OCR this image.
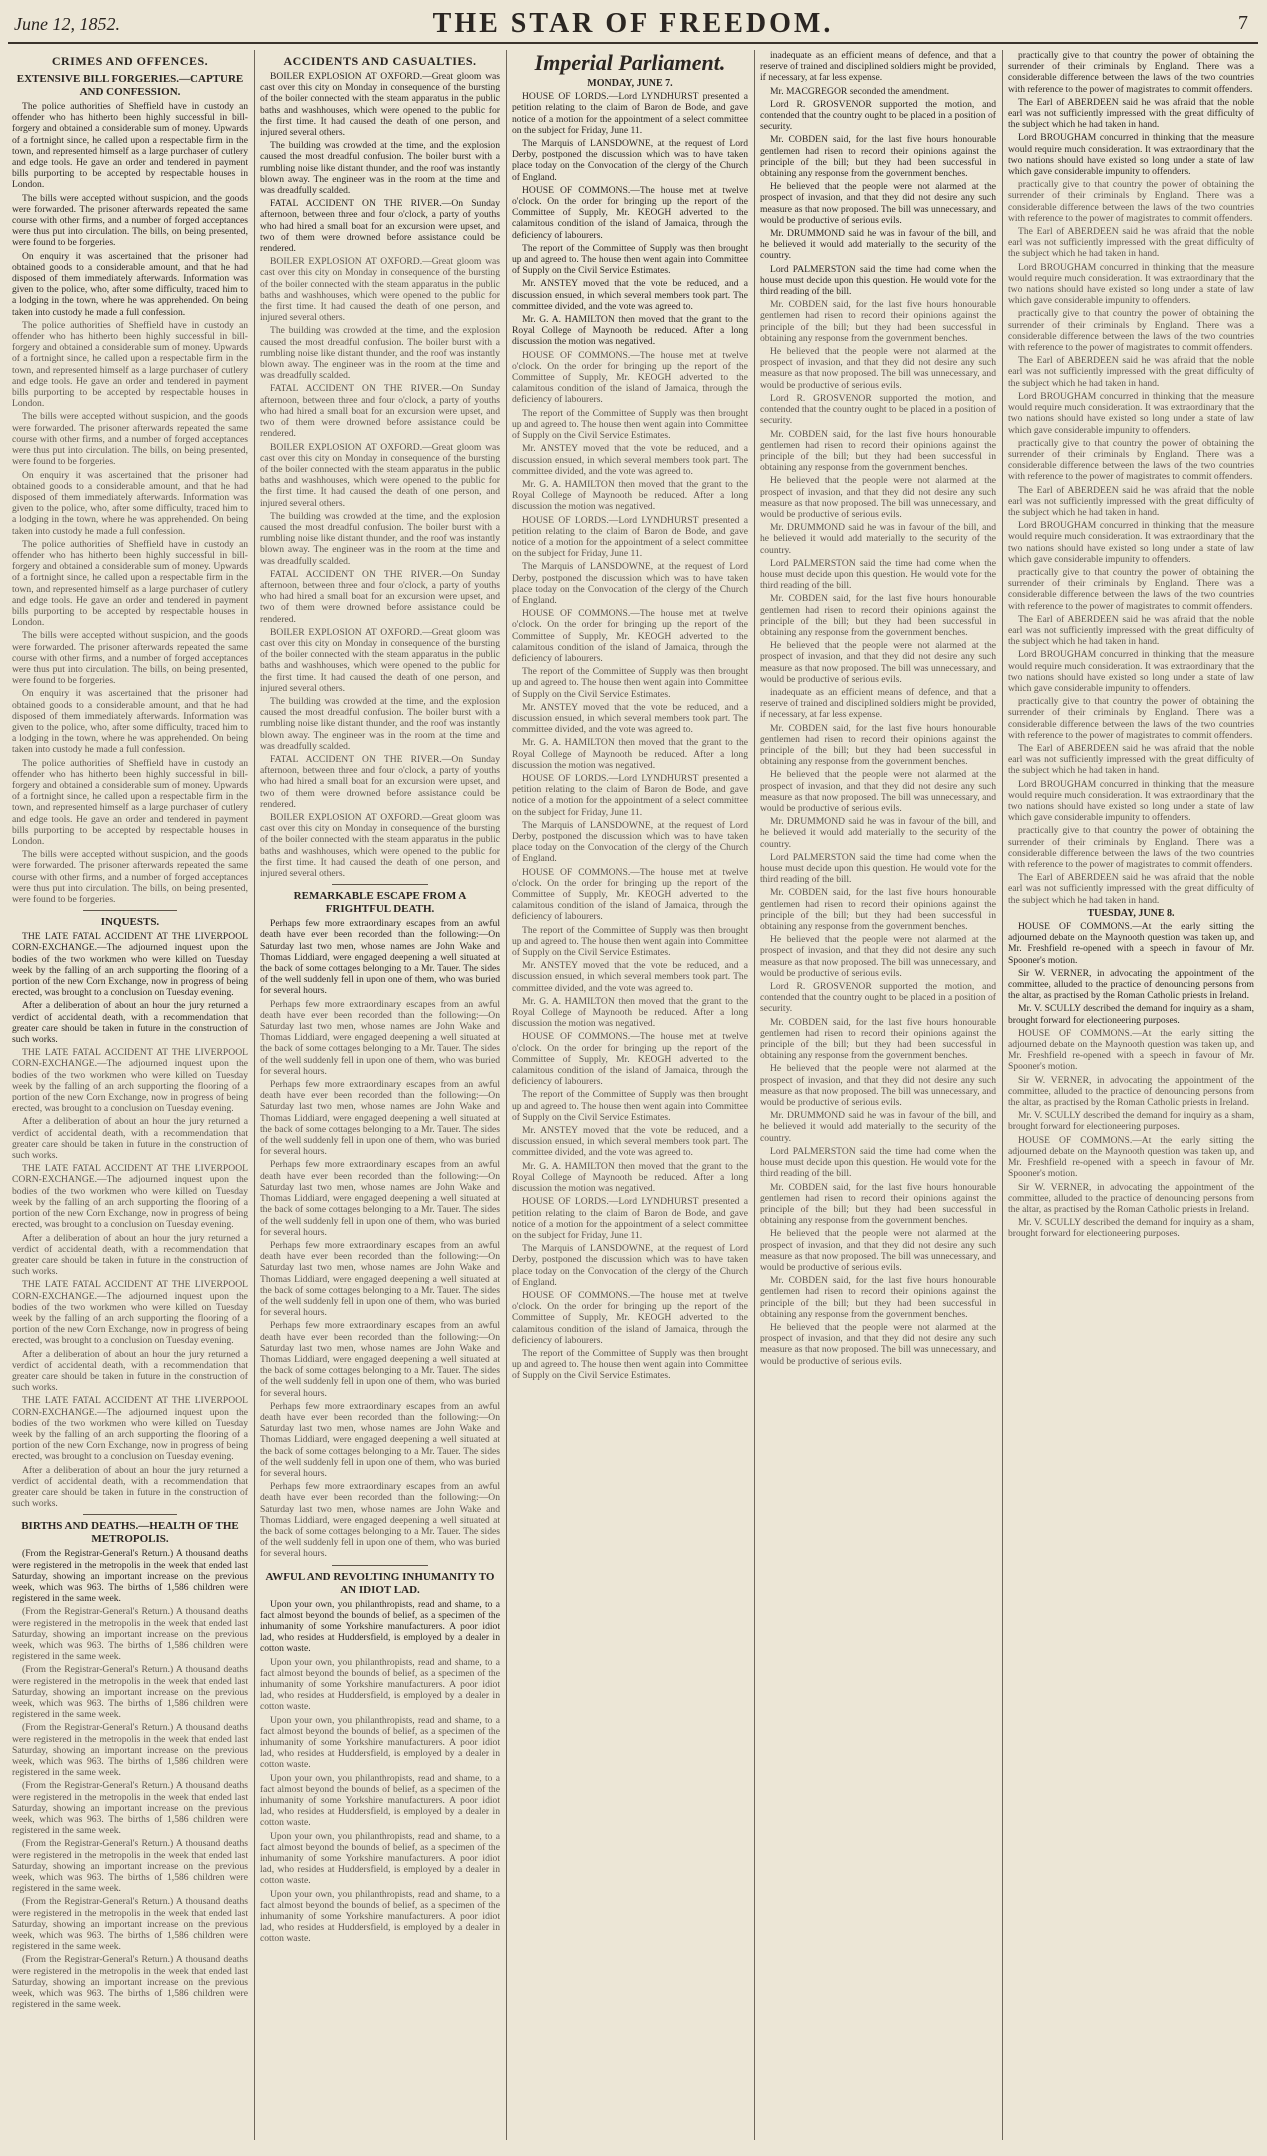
June 12, 1852.	THE STAR OF FREEDOM.	7
CRIMES AND OFFENCES.
EXTENSIVE BILL FORGERIES.—CAPTURE AND CONFESSION.

The police authorities of Sheffield have in custody an offender who has hitherto been highly successful in bill-forgery and obtained a considerable sum of money. Upwards of a fortnight since, he called upon a respectable firm in the town, and represented himself as a large purchaser of cutlery and edge tools. He gave an order and tendered in payment bills purporting to be accepted by respectable houses in London.

The bills were accepted without suspicion, and the goods were forwarded. The prisoner afterwards repeated the same course with other firms, and a number of forged acceptances were thus put into circulation. The bills, on being presented, were found to be forgeries.

On enquiry it was ascertained that the prisoner had obtained goods to a considerable amount, and that he had disposed of them immediately afterwards. Information was given to the police, who, after some difficulty, traced him to a lodging in the town, where he was apprehended. On being taken into custody he made a full confession.

The police authorities of Sheffield have in custody an offender who has hitherto been highly successful in bill-forgery and obtained a considerable sum of money. Upwards of a fortnight since, he called upon a respectable firm in the town, and represented himself as a large purchaser of cutlery and edge tools. He gave an order and tendered in payment bills purporting to be accepted by respectable houses in London.

The bills were accepted without suspicion, and the goods were forwarded. The prisoner afterwards repeated the same course with other firms, and a number of forged acceptances were thus put into circulation. The bills, on being presented, were found to be forgeries.

On enquiry it was ascertained that the prisoner had obtained goods to a considerable amount, and that he had disposed of them immediately afterwards. Information was given to the police, who, after some difficulty, traced him to a lodging in the town, where he was apprehended. On being taken into custody he made a full confession.

The police authorities of Sheffield have in custody an offender who has hitherto been highly successful in bill-forgery and obtained a considerable sum of money. Upwards of a fortnight since, he called upon a respectable firm in the town, and represented himself as a large purchaser of cutlery and edge tools. He gave an order and tendered in payment bills purporting to be accepted by respectable houses in London.

The bills were accepted without suspicion, and the goods were forwarded. The prisoner afterwards repeated the same course with other firms, and a number of forged acceptances were thus put into circulation. The bills, on being presented, were found to be forgeries.

On enquiry it was ascertained that the prisoner had obtained goods to a considerable amount, and that he had disposed of them immediately afterwards. Information was given to the police, who, after some difficulty, traced him to a lodging in the town, where he was apprehended. On being taken into custody he made a full confession.

The police authorities of Sheffield have in custody an offender who has hitherto been highly successful in bill-forgery and obtained a considerable sum of money. Upwards of a fortnight since, he called upon a respectable firm in the town, and represented himself as a large purchaser of cutlery and edge tools. He gave an order and tendered in payment bills purporting to be accepted by respectable houses in London.

The bills were accepted without suspicion, and the goods were forwarded. The prisoner afterwards repeated the same course with other firms, and a number of forged acceptances were thus put into circulation. The bills, on being presented, were found to be forgeries.

INQUESTS.

THE LATE FATAL ACCIDENT AT THE LIVERPOOL CORN-EXCHANGE.—The adjourned inquest upon the bodies of the two workmen who were killed on Tuesday week by the falling of an arch supporting the flooring of a portion of the new Corn Exchange, now in progress of being erected, was brought to a conclusion on Tuesday evening.

After a deliberation of about an hour the jury returned a verdict of accidental death, with a recommendation that greater care should be taken in future in the construction of such works.

THE LATE FATAL ACCIDENT AT THE LIVERPOOL CORN-EXCHANGE.—The adjourned inquest upon the bodies of the two workmen who were killed on Tuesday week by the falling of an arch supporting the flooring of a portion of the new Corn Exchange, now in progress of being erected, was brought to a conclusion on Tuesday evening.

After a deliberation of about an hour the jury returned a verdict of accidental death, with a recommendation that greater care should be taken in future in the construction of such works.

THE LATE FATAL ACCIDENT AT THE LIVERPOOL CORN-EXCHANGE.—The adjourned inquest upon the bodies of the two workmen who were killed on Tuesday week by the falling of an arch supporting the flooring of a portion of the new Corn Exchange, now in progress of being erected, was brought to a conclusion on Tuesday evening.

After a deliberation of about an hour the jury returned a verdict of accidental death, with a recommendation that greater care should be taken in future in the construction of such works.

THE LATE FATAL ACCIDENT AT THE LIVERPOOL CORN-EXCHANGE.—The adjourned inquest upon the bodies of the two workmen who were killed on Tuesday week by the falling of an arch supporting the flooring of a portion of the new Corn Exchange, now in progress of being erected, was brought to a conclusion on Tuesday evening.

After a deliberation of about an hour the jury returned a verdict of accidental death, with a recommendation that greater care should be taken in future in the construction of such works.

THE LATE FATAL ACCIDENT AT THE LIVERPOOL CORN-EXCHANGE.—The adjourned inquest upon the bodies of the two workmen who were killed on Tuesday week by the falling of an arch supporting the flooring of a portion of the new Corn Exchange, now in progress of being erected, was brought to a conclusion on Tuesday evening.

After a deliberation of about an hour the jury returned a verdict of accidental death, with a recommendation that greater care should be taken in future in the construction of such works.

BIRTHS AND DEATHS.—HEALTH OF THE METROPOLIS.

(From the Registrar-General's Return.) A thousand deaths were registered in the metropolis in the week that ended last Saturday, showing an important increase on the previous week, which was 963. The births of 1,586 children were registered in the same week.

(From the Registrar-General's Return.) A thousand deaths were registered in the metropolis in the week that ended last Saturday, showing an important increase on the previous week, which was 963. The births of 1,586 children were registered in the same week.

(From the Registrar-General's Return.) A thousand deaths were registered in the metropolis in the week that ended last Saturday, showing an important increase on the previous week, which was 963. The births of 1,586 children were registered in the same week.

(From the Registrar-General's Return.) A thousand deaths were registered in the metropolis in the week that ended last Saturday, showing an important increase on the previous week, which was 963. The births of 1,586 children were registered in the same week.

(From the Registrar-General's Return.) A thousand deaths were registered in the metropolis in the week that ended last Saturday, showing an important increase on the previous week, which was 963. The births of 1,586 children were registered in the same week.

(From the Registrar-General's Return.) A thousand deaths were registered in the metropolis in the week that ended last Saturday, showing an important increase on the previous week, which was 963. The births of 1,586 children were registered in the same week.

(From the Registrar-General's Return.) A thousand deaths were registered in the metropolis in the week that ended last Saturday, showing an important increase on the previous week, which was 963. The births of 1,586 children were registered in the same week.

(From the Registrar-General's Return.) A thousand deaths were registered in the metropolis in the week that ended last Saturday, showing an important increase on the previous week, which was 963. The births of 1,586 children were registered in the same week.

ACCIDENTS AND CASUALTIES.

BOILER EXPLOSION AT OXFORD.—Great gloom was cast over this city on Monday in consequence of the bursting of the boiler connected with the steam apparatus in the public baths and washhouses, which were opened to the public for the first time. It had caused the death of one person, and injured several others.

The building was crowded at the time, and the explosion caused the most dreadful confusion. The boiler burst with a rumbling noise like distant thunder, and the roof was instantly blown away. The engineer was in the room at the time and was dreadfully scalded.

FATAL ACCIDENT ON THE RIVER.—On Sunday afternoon, between three and four o'clock, a party of youths who had hired a small boat for an excursion were upset, and two of them were drowned before assistance could be rendered.

BOILER EXPLOSION AT OXFORD.—Great gloom was cast over this city on Monday in consequence of the bursting of the boiler connected with the steam apparatus in the public baths and washhouses, which were opened to the public for the first time. It had caused the death of one person, and injured several others.

The building was crowded at the time, and the explosion caused the most dreadful confusion. The boiler burst with a rumbling noise like distant thunder, and the roof was instantly blown away. The engineer was in the room at the time and was dreadfully scalded.

FATAL ACCIDENT ON THE RIVER.—On Sunday afternoon, between three and four o'clock, a party of youths who had hired a small boat for an excursion were upset, and two of them were drowned before assistance could be rendered.

BOILER EXPLOSION AT OXFORD.—Great gloom was cast over this city on Monday in consequence of the bursting of the boiler connected with the steam apparatus in the public baths and washhouses, which were opened to the public for the first time. It had caused the death of one person, and injured several others.

The building was crowded at the time, and the explosion caused the most dreadful confusion. The boiler burst with a rumbling noise like distant thunder, and the roof was instantly blown away. The engineer was in the room at the time and was dreadfully scalded.

FATAL ACCIDENT ON THE RIVER.—On Sunday afternoon, between three and four o'clock, a party of youths who had hired a small boat for an excursion were upset, and two of them were drowned before assistance could be rendered.

BOILER EXPLOSION AT OXFORD.—Great gloom was cast over this city on Monday in consequence of the bursting of the boiler connected with the steam apparatus in the public baths and washhouses, which were opened to the public for the first time. It had caused the death of one person, and injured several others.

The building was crowded at the time, and the explosion caused the most dreadful confusion. The boiler burst with a rumbling noise like distant thunder, and the roof was instantly blown away. The engineer was in the room at the time and was dreadfully scalded.

FATAL ACCIDENT ON THE RIVER.—On Sunday afternoon, between three and four o'clock, a party of youths who had hired a small boat for an excursion were upset, and two of them were drowned before assistance could be rendered.

BOILER EXPLOSION AT OXFORD.—Great gloom was cast over this city on Monday in consequence of the bursting of the boiler connected with the steam apparatus in the public baths and washhouses, which were opened to the public for the first time. It had caused the death of one person, and injured several others.

REMARKABLE ESCAPE FROM A FRIGHTFUL DEATH.

Perhaps few more extraordinary escapes from an awful death have ever been recorded than the following:—On Saturday last two men, whose names are John Wake and Thomas Liddiard, were engaged deepening a well situated at the back of some cottages belonging to a Mr. Tauer. The sides of the well suddenly fell in upon one of them, who was buried for several hours.

Perhaps few more extraordinary escapes from an awful death have ever been recorded than the following:—On Saturday last two men, whose names are John Wake and Thomas Liddiard, were engaged deepening a well situated at the back of some cottages belonging to a Mr. Tauer. The sides of the well suddenly fell in upon one of them, who was buried for several hours.

Perhaps few more extraordinary escapes from an awful death have ever been recorded than the following:—On Saturday last two men, whose names are John Wake and Thomas Liddiard, were engaged deepening a well situated at the back of some cottages belonging to a Mr. Tauer. The sides of the well suddenly fell in upon one of them, who was buried for several hours.

Perhaps few more extraordinary escapes from an awful death have ever been recorded than the following:—On Saturday last two men, whose names are John Wake and Thomas Liddiard, were engaged deepening a well situated at the back of some cottages belonging to a Mr. Tauer. The sides of the well suddenly fell in upon one of them, who was buried for several hours.

Perhaps few more extraordinary escapes from an awful death have ever been recorded than the following:—On Saturday last two men, whose names are John Wake and Thomas Liddiard, were engaged deepening a well situated at the back of some cottages belonging to a Mr. Tauer. The sides of the well suddenly fell in upon one of them, who was buried for several hours.

Perhaps few more extraordinary escapes from an awful death have ever been recorded than the following:—On Saturday last two men, whose names are John Wake and Thomas Liddiard, were engaged deepening a well situated at the back of some cottages belonging to a Mr. Tauer. The sides of the well suddenly fell in upon one of them, who was buried for several hours.

Perhaps few more extraordinary escapes from an awful death have ever been recorded than the following:—On Saturday last two men, whose names are John Wake and Thomas Liddiard, were engaged deepening a well situated at the back of some cottages belonging to a Mr. Tauer. The sides of the well suddenly fell in upon one of them, who was buried for several hours.

Perhaps few more extraordinary escapes from an awful death have ever been recorded than the following:—On Saturday last two men, whose names are John Wake and Thomas Liddiard, were engaged deepening a well situated at the back of some cottages belonging to a Mr. Tauer. The sides of the well suddenly fell in upon one of them, who was buried for several hours.

AWFUL AND REVOLTING INHUMANITY TO AN IDIOT LAD.

Upon your own, you philanthropists, read and shame, to a fact almost beyond the bounds of belief, as a specimen of the inhumanity of some Yorkshire manufacturers. A poor idiot lad, who resides at Huddersfield, is employed by a dealer in cotton waste.

Upon your own, you philanthropists, read and shame, to a fact almost beyond the bounds of belief, as a specimen of the inhumanity of some Yorkshire manufacturers. A poor idiot lad, who resides at Huddersfield, is employed by a dealer in cotton waste.

Upon your own, you philanthropists, read and shame, to a fact almost beyond the bounds of belief, as a specimen of the inhumanity of some Yorkshire manufacturers. A poor idiot lad, who resides at Huddersfield, is employed by a dealer in cotton waste.

Upon your own, you philanthropists, read and shame, to a fact almost beyond the bounds of belief, as a specimen of the inhumanity of some Yorkshire manufacturers. A poor idiot lad, who resides at Huddersfield, is employed by a dealer in cotton waste.

Upon your own, you philanthropists, read and shame, to a fact almost beyond the bounds of belief, as a specimen of the inhumanity of some Yorkshire manufacturers. A poor idiot lad, who resides at Huddersfield, is employed by a dealer in cotton waste.

Upon your own, you philanthropists, read and shame, to a fact almost beyond the bounds of belief, as a specimen of the inhumanity of some Yorkshire manufacturers. A poor idiot lad, who resides at Huddersfield, is employed by a dealer in cotton waste.

Imperial Parliament.
MONDAY, JUNE 7.

HOUSE OF LORDS.—Lord LYNDHURST presented a petition relating to the claim of Baron de Bode, and gave notice of a motion for the appointment of a select committee on the subject for Friday, June 11.

The Marquis of LANSDOWNE, at the request of Lord Derby, postponed the discussion which was to have taken place today on the Convocation of the clergy of the Church of England.

HOUSE OF COMMONS.—The house met at twelve o'clock. On the order for bringing up the report of the Committee of Supply, Mr. KEOGH adverted to the calamitous condition of the island of Jamaica, through the deficiency of labourers.

The report of the Committee of Supply was then brought up and agreed to. The house then went again into Committee of Supply on the Civil Service Estimates.

Mr. ANSTEY moved that the vote be reduced, and a discussion ensued, in which several members took part. The committee divided, and the vote was agreed to.

Mr. G. A. HAMILTON then moved that the grant to the Royal College of Maynooth be reduced. After a long discussion the motion was negatived.

HOUSE OF COMMONS.—The house met at twelve o'clock. On the order for bringing up the report of the Committee of Supply, Mr. KEOGH adverted to the calamitous condition of the island of Jamaica, through the deficiency of labourers.

The report of the Committee of Supply was then brought up and agreed to. The house then went again into Committee of Supply on the Civil Service Estimates.

Mr. ANSTEY moved that the vote be reduced, and a discussion ensued, in which several members took part. The committee divided, and the vote was agreed to.

Mr. G. A. HAMILTON then moved that the grant to the Royal College of Maynooth be reduced. After a long discussion the motion was negatived.

HOUSE OF LORDS.—Lord LYNDHURST presented a petition relating to the claim of Baron de Bode, and gave notice of a motion for the appointment of a select committee on the subject for Friday, June 11.

The Marquis of LANSDOWNE, at the request of Lord Derby, postponed the discussion which was to have taken place today on the Convocation of the clergy of the Church of England.

HOUSE OF COMMONS.—The house met at twelve o'clock. On the order for bringing up the report of the Committee of Supply, Mr. KEOGH adverted to the calamitous condition of the island of Jamaica, through the deficiency of labourers.

The report of the Committee of Supply was then brought up and agreed to. The house then went again into Committee of Supply on the Civil Service Estimates.

Mr. ANSTEY moved that the vote be reduced, and a discussion ensued, in which several members took part. The committee divided, and the vote was agreed to.

Mr. G. A. HAMILTON then moved that the grant to the Royal College of Maynooth be reduced. After a long discussion the motion was negatived.

HOUSE OF LORDS.—Lord LYNDHURST presented a petition relating to the claim of Baron de Bode, and gave notice of a motion for the appointment of a select committee on the subject for Friday, June 11.

The Marquis of LANSDOWNE, at the request of Lord Derby, postponed the discussion which was to have taken place today on the Convocation of the clergy of the Church of England.

HOUSE OF COMMONS.—The house met at twelve o'clock. On the order for bringing up the report of the Committee of Supply, Mr. KEOGH adverted to the calamitous condition of the island of Jamaica, through the deficiency of labourers.

The report of the Committee of Supply was then brought up and agreed to. The house then went again into Committee of Supply on the Civil Service Estimates.

Mr. ANSTEY moved that the vote be reduced, and a discussion ensued, in which several members took part. The committee divided, and the vote was agreed to.

Mr. G. A. HAMILTON then moved that the grant to the Royal College of Maynooth be reduced. After a long discussion the motion was negatived.

HOUSE OF COMMONS.—The house met at twelve o'clock. On the order for bringing up the report of the Committee of Supply, Mr. KEOGH adverted to the calamitous condition of the island of Jamaica, through the deficiency of labourers.

The report of the Committee of Supply was then brought up and agreed to. The house then went again into Committee of Supply on the Civil Service Estimates.

Mr. ANSTEY moved that the vote be reduced, and a discussion ensued, in which several members took part. The committee divided, and the vote was agreed to.

Mr. G. A. HAMILTON then moved that the grant to the Royal College of Maynooth be reduced. After a long discussion the motion was negatived.

HOUSE OF LORDS.—Lord LYNDHURST presented a petition relating to the claim of Baron de Bode, and gave notice of a motion for the appointment of a select committee on the subject for Friday, June 11.

The Marquis of LANSDOWNE, at the request of Lord Derby, postponed the discussion which was to have taken place today on the Convocation of the clergy of the Church of England.

HOUSE OF COMMONS.—The house met at twelve o'clock. On the order for bringing up the report of the Committee of Supply, Mr. KEOGH adverted to the calamitous condition of the island of Jamaica, through the deficiency of labourers.

The report of the Committee of Supply was then brought up and agreed to. The house then went again into Committee of Supply on the Civil Service Estimates.

inadequate as an efficient means of defence, and that a reserve of trained and disciplined soldiers might be provided, if necessary, at far less expense.

Mr. MACGREGOR seconded the amendment.

Lord R. GROSVENOR supported the motion, and contended that the country ought to be placed in a position of security.

Mr. COBDEN said, for the last five hours honourable gentlemen had risen to record their opinions against the principle of the bill; but they had been successful in obtaining any response from the government benches.

He believed that the people were not alarmed at the prospect of invasion, and that they did not desire any such measure as that now proposed. The bill was unnecessary, and would be productive of serious evils.

Mr. DRUMMOND said he was in favour of the bill, and he believed it would add materially to the security of the country.

Lord PALMERSTON said the time had come when the house must decide upon this question. He would vote for the third reading of the bill.

Mr. COBDEN said, for the last five hours honourable gentlemen had risen to record their opinions against the principle of the bill; but they had been successful in obtaining any response from the government benches.

He believed that the people were not alarmed at the prospect of invasion, and that they did not desire any such measure as that now proposed. The bill was unnecessary, and would be productive of serious evils.

Lord R. GROSVENOR supported the motion, and contended that the country ought to be placed in a position of security.

Mr. COBDEN said, for the last five hours honourable gentlemen had risen to record their opinions against the principle of the bill; but they had been successful in obtaining any response from the government benches.

He believed that the people were not alarmed at the prospect of invasion, and that they did not desire any such measure as that now proposed. The bill was unnecessary, and would be productive of serious evils.

Mr. DRUMMOND said he was in favour of the bill, and he believed it would add materially to the security of the country.

Lord PALMERSTON said the time had come when the house must decide upon this question. He would vote for the third reading of the bill.

Mr. COBDEN said, for the last five hours honourable gentlemen had risen to record their opinions against the principle of the bill; but they had been successful in obtaining any response from the government benches.

He believed that the people were not alarmed at the prospect of invasion, and that they did not desire any such measure as that now proposed. The bill was unnecessary, and would be productive of serious evils.

inadequate as an efficient means of defence, and that a reserve of trained and disciplined soldiers might be provided, if necessary, at far less expense.

Mr. COBDEN said, for the last five hours honourable gentlemen had risen to record their opinions against the principle of the bill; but they had been successful in obtaining any response from the government benches.

He believed that the people were not alarmed at the prospect of invasion, and that they did not desire any such measure as that now proposed. The bill was unnecessary, and would be productive of serious evils.

Mr. DRUMMOND said he was in favour of the bill, and he believed it would add materially to the security of the country.

Lord PALMERSTON said the time had come when the house must decide upon this question. He would vote for the third reading of the bill.

Mr. COBDEN said, for the last five hours honourable gentlemen had risen to record their opinions against the principle of the bill; but they had been successful in obtaining any response from the government benches.

He believed that the people were not alarmed at the prospect of invasion, and that they did not desire any such measure as that now proposed. The bill was unnecessary, and would be productive of serious evils.

Lord R. GROSVENOR supported the motion, and contended that the country ought to be placed in a position of security.

Mr. COBDEN said, for the last five hours honourable gentlemen had risen to record their opinions against the principle of the bill; but they had been successful in obtaining any response from the government benches.

He believed that the people were not alarmed at the prospect of invasion, and that they did not desire any such measure as that now proposed. The bill was unnecessary, and would be productive of serious evils.

Mr. DRUMMOND said he was in favour of the bill, and he believed it would add materially to the security of the country.

Lord PALMERSTON said the time had come when the house must decide upon this question. He would vote for the third reading of the bill.

Mr. COBDEN said, for the last five hours honourable gentlemen had risen to record their opinions against the principle of the bill; but they had been successful in obtaining any response from the government benches.

He believed that the people were not alarmed at the prospect of invasion, and that they did not desire any such measure as that now proposed. The bill was unnecessary, and would be productive of serious evils.

Mr. COBDEN said, for the last five hours honourable gentlemen had risen to record their opinions against the principle of the bill; but they had been successful in obtaining any response from the government benches.

He believed that the people were not alarmed at the prospect of invasion, and that they did not desire any such measure as that now proposed. The bill was unnecessary, and would be productive of serious evils.

practically give to that country the power of obtaining the surrender of their criminals by England. There was a considerable difference between the laws of the two countries with reference to the power of magistrates to commit offenders.

The Earl of ABERDEEN said he was afraid that the noble earl was not sufficiently impressed with the great difficulty of the subject which he had taken in hand.

Lord BROUGHAM concurred in thinking that the measure would require much consideration. It was extraordinary that the two nations should have existed so long under a state of law which gave considerable impunity to offenders.

practically give to that country the power of obtaining the surrender of their criminals by England. There was a considerable difference between the laws of the two countries with reference to the power of magistrates to commit offenders.

The Earl of ABERDEEN said he was afraid that the noble earl was not sufficiently impressed with the great difficulty of the subject which he had taken in hand.

Lord BROUGHAM concurred in thinking that the measure would require much consideration. It was extraordinary that the two nations should have existed so long under a state of law which gave considerable impunity to offenders.

practically give to that country the power of obtaining the surrender of their criminals by England. There was a considerable difference between the laws of the two countries with reference to the power of magistrates to commit offenders.

The Earl of ABERDEEN said he was afraid that the noble earl was not sufficiently impressed with the great difficulty of the subject which he had taken in hand.

Lord BROUGHAM concurred in thinking that the measure would require much consideration. It was extraordinary that the two nations should have existed so long under a state of law which gave considerable impunity to offenders.

practically give to that country the power of obtaining the surrender of their criminals by England. There was a considerable difference between the laws of the two countries with reference to the power of magistrates to commit offenders.

The Earl of ABERDEEN said he was afraid that the noble earl was not sufficiently impressed with the great difficulty of the subject which he had taken in hand.

Lord BROUGHAM concurred in thinking that the measure would require much consideration. It was extraordinary that the two nations should have existed so long under a state of law which gave considerable impunity to offenders.

practically give to that country the power of obtaining the surrender of their criminals by England. There was a considerable difference between the laws of the two countries with reference to the power of magistrates to commit offenders.

The Earl of ABERDEEN said he was afraid that the noble earl was not sufficiently impressed with the great difficulty of the subject which he had taken in hand.

Lord BROUGHAM concurred in thinking that the measure would require much consideration. It was extraordinary that the two nations should have existed so long under a state of law which gave considerable impunity to offenders.

practically give to that country the power of obtaining the surrender of their criminals by England. There was a considerable difference between the laws of the two countries with reference to the power of magistrates to commit offenders.

The Earl of ABERDEEN said he was afraid that the noble earl was not sufficiently impressed with the great difficulty of the subject which he had taken in hand.

Lord BROUGHAM concurred in thinking that the measure would require much consideration. It was extraordinary that the two nations should have existed so long under a state of law which gave considerable impunity to offenders.

practically give to that country the power of obtaining the surrender of their criminals by England. There was a considerable difference between the laws of the two countries with reference to the power of magistrates to commit offenders.

The Earl of ABERDEEN said he was afraid that the noble earl was not sufficiently impressed with the great difficulty of the subject which he had taken in hand.

TUESDAY, JUNE 8.

HOUSE OF COMMONS.—At the early sitting the adjourned debate on the Maynooth question was taken up, and Mr. Freshfield re-opened with a speech in favour of Mr. Spooner's motion.

Sir W. VERNER, in advocating the appointment of the committee, alluded to the practice of denouncing persons from the altar, as practised by the Roman Catholic priests in Ireland.

Mr. V. SCULLY described the demand for inquiry as a sham, brought forward for electioneering purposes.

HOUSE OF COMMONS.—At the early sitting the adjourned debate on the Maynooth question was taken up, and Mr. Freshfield re-opened with a speech in favour of Mr. Spooner's motion.

Sir W. VERNER, in advocating the appointment of the committee, alluded to the practice of denouncing persons from the altar, as practised by the Roman Catholic priests in Ireland.

Mr. V. SCULLY described the demand for inquiry as a sham, brought forward for electioneering purposes.

HOUSE OF COMMONS.—At the early sitting the adjourned debate on the Maynooth question was taken up, and Mr. Freshfield re-opened with a speech in favour of Mr. Spooner's motion.

Sir W. VERNER, in advocating the appointment of the committee, alluded to the practice of denouncing persons from the altar, as practised by the Roman Catholic priests in Ireland.

Mr. V. SCULLY described the demand for inquiry as a sham, brought forward for electioneering purposes.
